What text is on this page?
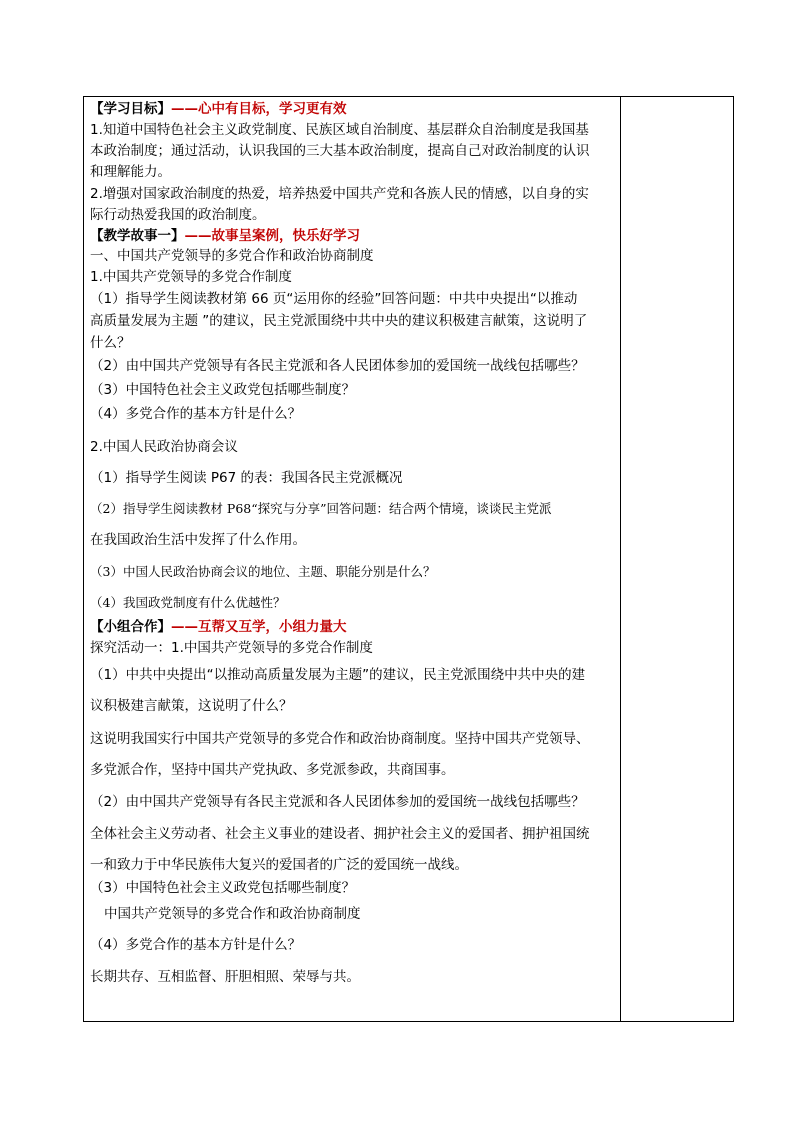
【学习目标】——心中有目标，学习更有效
1.知道中国特色社会主义政党制度、民族区域自治制度、基层群众自治制度是我国基
本政治制度；通过活动，认识我国的三大基本政治制度，提高自己对政治制度的认识
和理解能力。
2.增强对国家政治制度的热爱，培养热爱中国共产党和各族人民的情感，以自身的实
际行动热爱我国的政治制度。
【教学故事一】——故事呈案例，快乐好学习
一、中国共产党领导的多党合作和政治协商制度
1.中国共产党领导的多党合作制度
（1）指导学生阅读教材第 66 页“运用你的经验”回答问题：中共中央提出“以推动
高质量发展为主题 ”的建议，民主党派围绕中共中央的建议积极建言献策，这说明了
什么？
（2）由中国共产党领导有各民主党派和各人民团体参加的爱国统一战线包括哪些？
（3）中国特色社会主义政党包括哪些制度？
（4）多党合作的基本方针是什么？
2.中国人民政治协商会议
（1）指导学生阅读 P67 的表：我国各民主党派概况
（2）指导学生阅读教材 P68“探究与分享”回答问题：结合两个情境，谈谈民主党派
在我国政治生活中发挥了什么作用。
（3）中国人民政治协商会议的地位、主题、职能分别是什么？
（4）我国政党制度有什么优越性？
【小组合作】——互帮又互学，小组力量大
探究活动一：1.中国共产党领导的多党合作制度
（1）中共中央提出“以推动高质量发展为主题”的建议，民主党派围绕中共中央的建
议积极建言献策，这说明了什么？
这说明我国实行中国共产党领导的多党合作和政治协商制度。坚持中国共产党领导、
多党派合作，坚持中国共产党执政、多党派参政，共商国事。
（2）由中国共产党领导有各民主党派和各人民团体参加的爱国统一战线包括哪些？
全体社会主义劳动者、社会主义事业的建设者、拥护社会主义的爱国者、拥护祖国统
一和致力于中华民族伟大复兴的爱国者的广泛的爱国统一战线。
（3）中国特色社会主义政党包括哪些制度？
中国共产党领导的多党合作和政治协商制度
（4）多党合作的基本方针是什么？
长期共存、互相监督、肝胆相照、荣辱与共。
